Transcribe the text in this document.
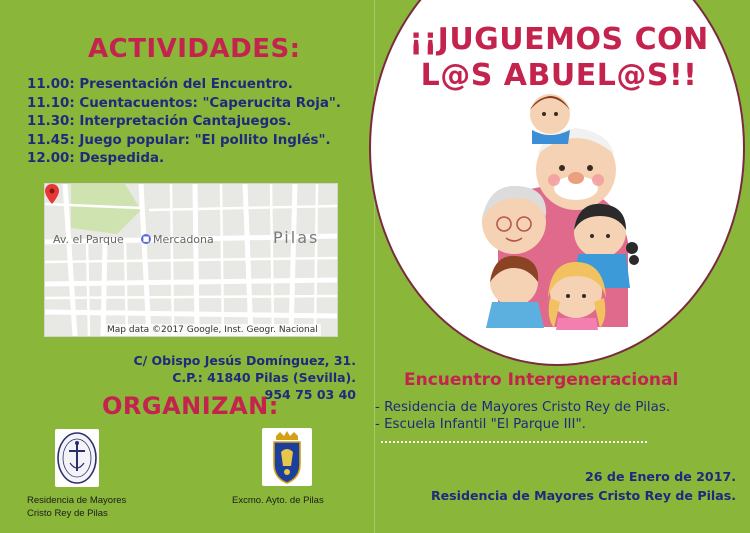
ACTIVIDADES:
11.00: Presentación del Encuentro.
11.10: Cuentacuentos: "Caperucita Roja".
11.30: Interpretación Cantajuegos.
11.45: Juego popular: "El pollito Inglés".
12.00: Despedida.
Av. el Parque	■ Mercadona	Pilas
Map data ©2017 Google, Inst. Geogr. Nacional
C/ Obispo Jesús Domínguez, 31.
C.P.: 41840 Pilas (Sevilla).
954 75 03 40
ORGANIZAN:
Residencia de Mayores
Cristo Rey de Pilas
Excmo. Ayto. de Pilas
¡¡JUGUEMOS CON
L@S ABUEL@S!!
Encuentro Intergeneracional
- Residencia de Mayores Cristo Rey de Pilas.
- Escuela Infantil "El Parque III".
26 de Enero de 2017.
Residencia de Mayores Cristo Rey de Pilas.
